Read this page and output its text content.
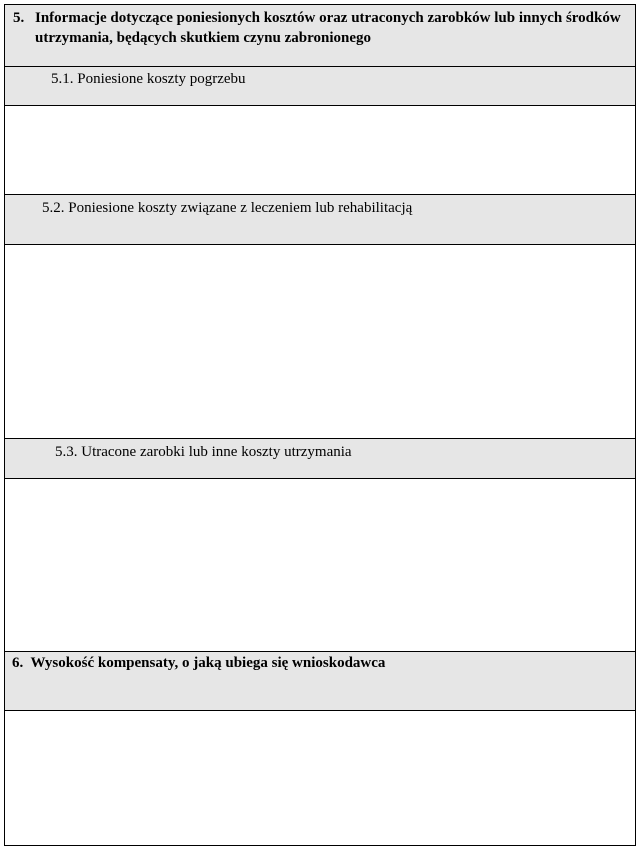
5. Informacje dotyczące poniesionych kosztów oraz utraconych zarobków lub innych środków utrzymania, będących skutkiem czynu zabronionego

5.1. Poniesione koszty pogrzebu

5.2. Poniesione koszty związane z leczeniem lub rehabilitacją

5.3. Utracone zarobki lub inne koszty utrzymania

6.  Wysokość kompensaty, o jaką ubiega się wnioskodawca
